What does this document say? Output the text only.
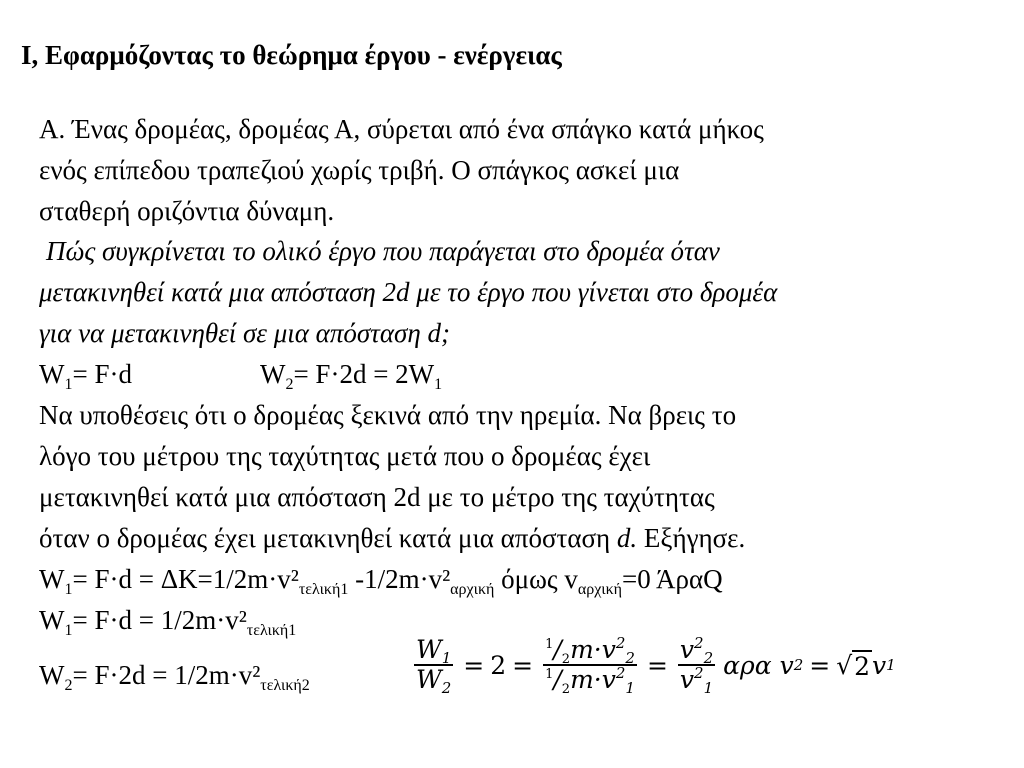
I, Εφαρμόζοντας το θεώρημα έργου - ενέργειας
Α. Ένας δρομέας, δρομέας Α, σύρεται από ένα σπάγκο κατά μήκος
ενός επίπεδου τραπεζιού χωρίς τριβή. Ο σπάγκος ασκεί μια
σταθερή οριζόντια δύναμη.
Πώς συγκρίνεται το ολικό έργο που παράγεται στο δρομέα όταν
μετακινηθεί κατά μια απόσταση 2d με το έργο που γίνεται στο δρομέα
για να μετακινηθεί σε μια απόσταση d;
$W_1= F\cdot d$	$W_2= F\cdot 2d = 2W_1$
Να υποθέσεις ότι ο δρομέας ξεκινά από την ηρεμία. Να βρεις το
λόγο του μέτρου της ταχύτητας μετά που ο δρομέας έχει
μετακινηθεί κατά μια απόσταση 2d με το μέτρο της ταχύτητας
όταν ο δρομέας έχει μετακινηθεί κατά μια απόσταση d. Εξήγησε.
$W_1= F\cdot d = \Delta K=1/2m\cdot v^2_{\tau\varepsilon\lambda\iota\kappa ή1}$ $-1/2m\cdot v^2_{\alpha\rho\chi\iota\kappa ή}$ όμως $v_{\alpha\rho\chi\iota\kappa ή}=0$ ΆραQ
$W_1= F\cdot d = 1/2m\cdot v^2_{\tau\varepsilon\lambda\iota\kappa ή1}$
$W_2= F\cdot 2d = 1/2m\cdot v^2_{\tau\varepsilon\lambda\iota\kappa ή2}$	$\frac{W_1}{W_2} = 2 = \frac{^1/_2m\cdot v^2_2}{^1/_2m\cdot v^2_1} = \frac{v^2_2}{v^2_1}$ αρα v 2 = √ 2 v 1
